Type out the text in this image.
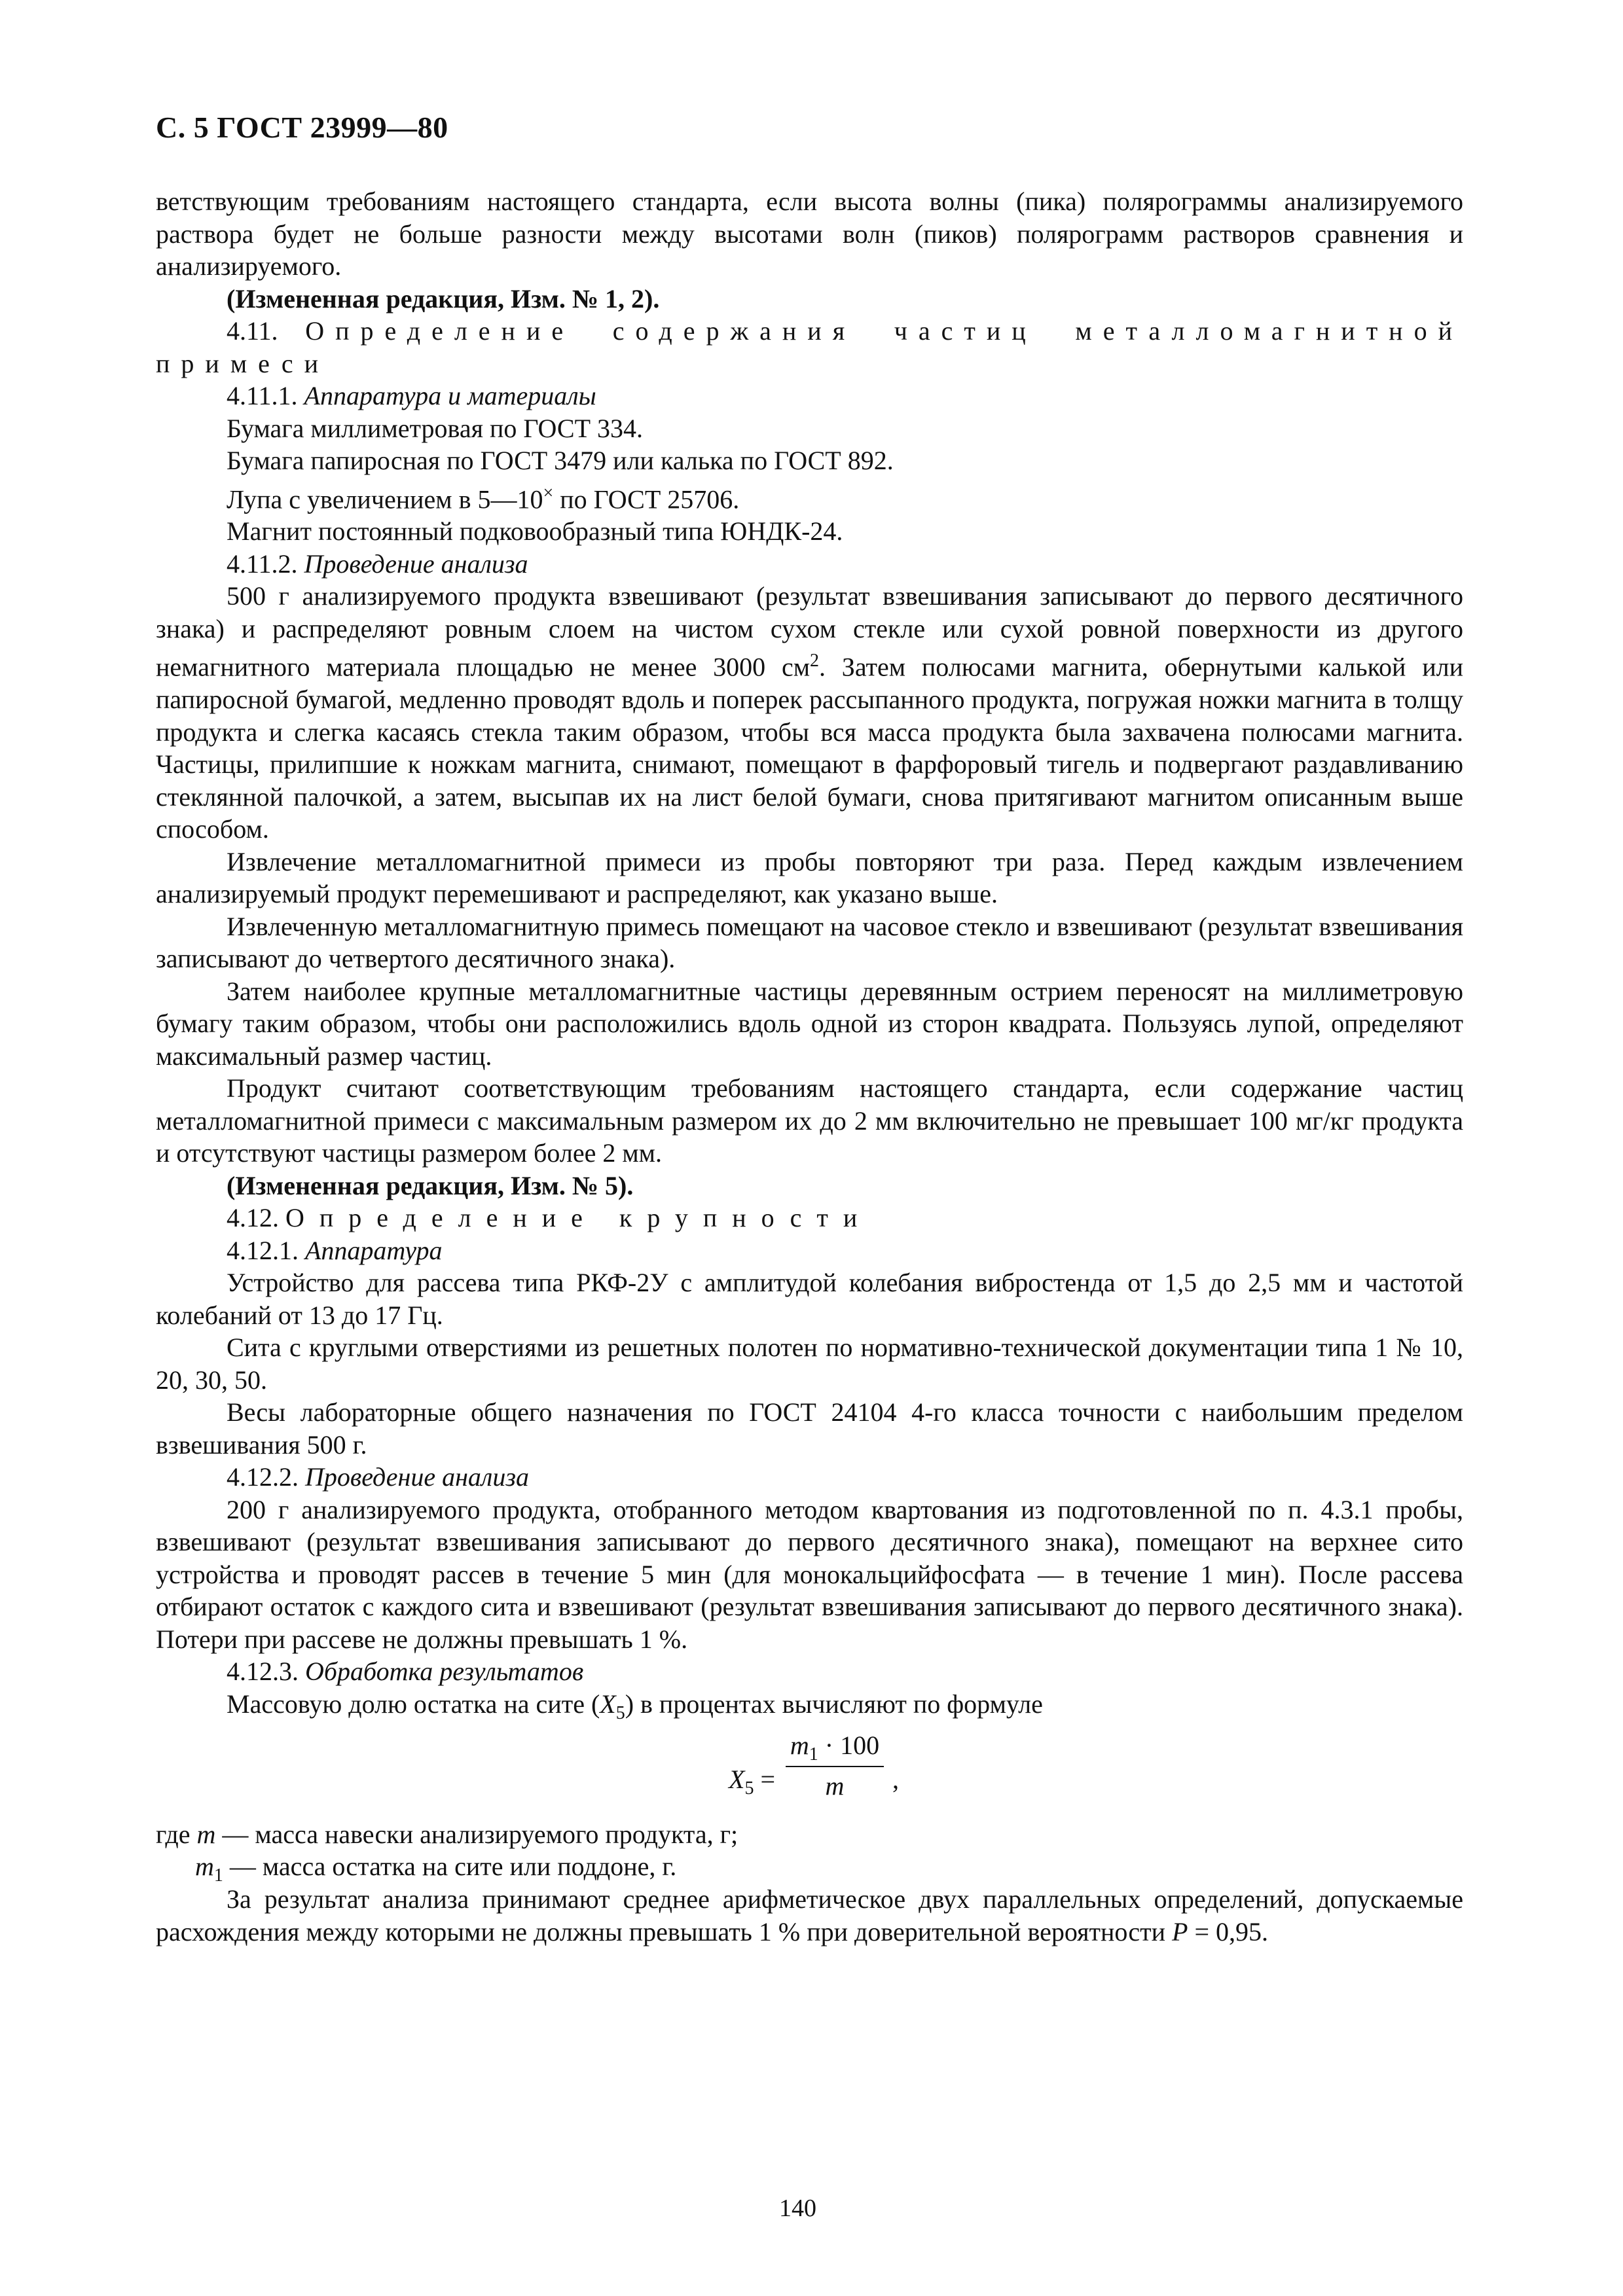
С. 5 ГОСТ 23999—80

ветствующим требованиям настоящего стандарта, если высота волны (пика) полярограммы анализируемого раствора будет не больше разности между высотами волн (пиков) полярограмм растворов сравнения и анализируемого.

(Измененная редакция, Изм. № 1, 2).

4.11. Определение содержания частиц металломагнитной примеси

4.11.1. Аппаратура и материалы

Бумага миллиметровая по ГОСТ 334.

Бумага папиросная по ГОСТ 3479 или калька по ГОСТ 892.

Лупа с увеличением в 5—10× по ГОСТ 25706.

Магнит постоянный подковообразный типа ЮНДК-24.

4.11.2. Проведение анализа

500 г анализируемого продукта взвешивают (результат взвешивания записывают до первого десятичного знака) и распределяют ровным слоем на чистом сухом стекле или сухой ровной поверхности из другого немагнитного материала площадью не менее 3000 $см^2$. Затем полюсами магнита, обернутыми калькой или папиросной бумагой, медленно проводят вдоль и поперек рассыпанного продукта, погружая ножки магнита в толщу продукта и слегка касаясь стекла таким образом, чтобы вся масса продукта была захвачена полюсами магнита. Частицы, прилипшие к ножкам магнита, снимают, помещают в фарфоровый тигель и подвергают раздавливанию стеклянной палочкой, а затем, высыпав их на лист белой бумаги, снова притягивают магнитом описанным выше способом.

Извлечение металломагнитной примеси из пробы повторяют три раза. Перед каждым извлечением анализируемый продукт перемешивают и распределяют, как указано выше.

Извлеченную металломагнитную примесь помещают на часовое стекло и взвешивают (результат взвешивания записывают до четвертого десятичного знака).

Затем наиболее крупные металломагнитные частицы деревянным острием переносят на миллиметровую бумагу таким образом, чтобы они расположились вдоль одной из сторон квадрата. Пользуясь лупой, определяют максимальный размер частиц.

Продукт считают соответствующим требованиям настоящего стандарта, если содержание частиц металломагнитной примеси с максимальным размером их до 2 мм включительно не превышает 100 мг/кг продукта и отсутствуют частицы размером более 2 мм.

(Измененная редакция, Изм. № 5).

4.12. Определение крупности

4.12.1. Аппаратура

Устройство для рассева типа РКФ-2У с амплитудой колебания вибростенда от 1,5 до 2,5 мм и частотой колебаний от 13 до 17 Гц.

Сита с круглыми отверстиями из решетных полотен по нормативно-технической документации типа 1 № 10, 20, 30, 50.

Весы лабораторные общего назначения по ГОСТ 24104 4-го класса точности с наибольшим пределом взвешивания 500 г.

4.12.2. Проведение анализа

200 г анализируемого продукта, отобранного методом квартования из подготовленной по п. 4.3.1 пробы, взвешивают (результат взвешивания записывают до первого десятичного знака), помещают на верхнее сито устройства и проводят рассев в течение 5 мин (для монокальцийфосфата — в течение 1 мин). После рассева отбирают остаток с каждого сита и взвешивают (результат взвешивания записывают до первого десятичного знака). Потери при рассеве не должны превышать 1 %.

4.12.3. Обработка результатов

Массовую долю остатка на сите $(X_5)$ в процентах вычисляют по формуле

$X_5$ =
$m_1 \cdot 100$
m	,
где m — масса навески анализируемого продукта, г;
$m_1$ — масса остатка на сите или поддоне, г.

За результат анализа принимают среднее арифметическое двух параллельных определений, допускаемые расхождения между которыми не должны превышать 1 % при доверительной вероятности P = 0,95.

140
